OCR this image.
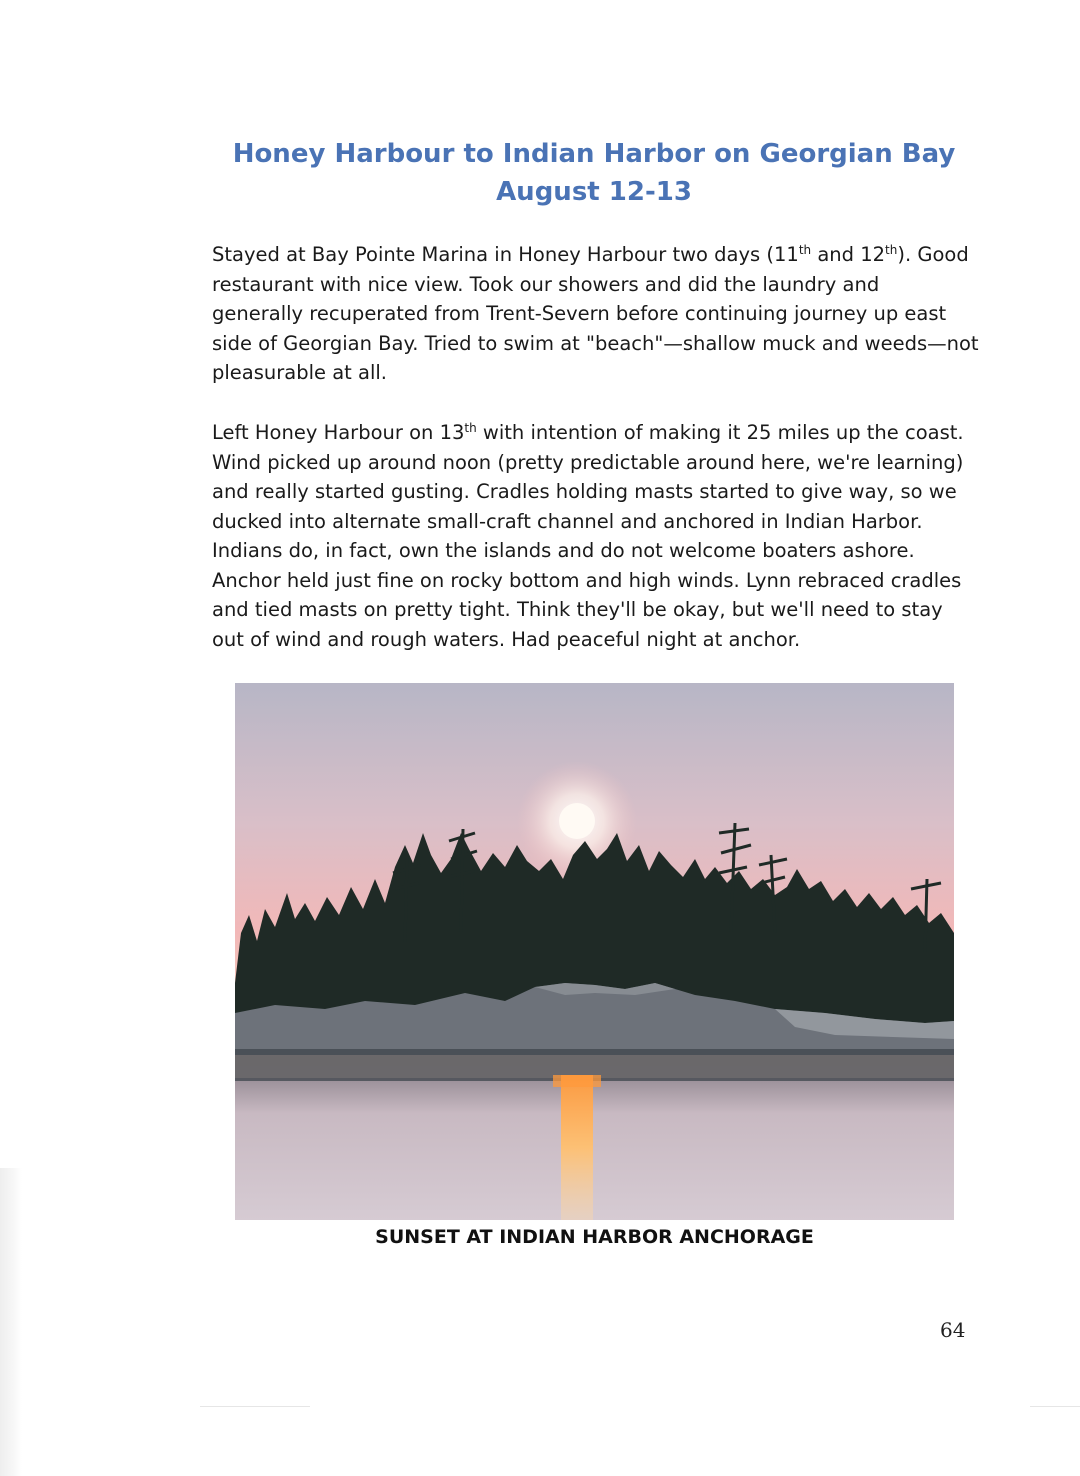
Honey Harbour to Indian Harbor on Georgian Bay
August 12-13

Stayed at Bay Pointe Marina in Honey Harbour two days (11th and 12th). Good
restaurant with nice view. Took our showers and did the laundry and
generally recuperated from Trent-Severn before continuing journey up east
side of Georgian Bay. Tried to swim at "beach"—shallow muck and weeds—not
pleasurable at all.

Left Honey Harbour on 13th with intention of making it 25 miles up the coast.
Wind picked up around noon (pretty predictable around here, we're learning)
and really started gusting. Cradles holding masts started to give way, so we
ducked into alternate small-craft channel and anchored in Indian Harbor.
Indians do, in fact, own the islands and do not welcome boaters ashore.
Anchor held just fine on rocky bottom and high winds. Lynn rebraced cradles
and tied masts on pretty tight. Think they'll be okay, but we'll need to stay
out of wind and rough waters. Had peaceful night at anchor.

SUNSET AT INDIAN HARBOR ANCHORAGE
64
